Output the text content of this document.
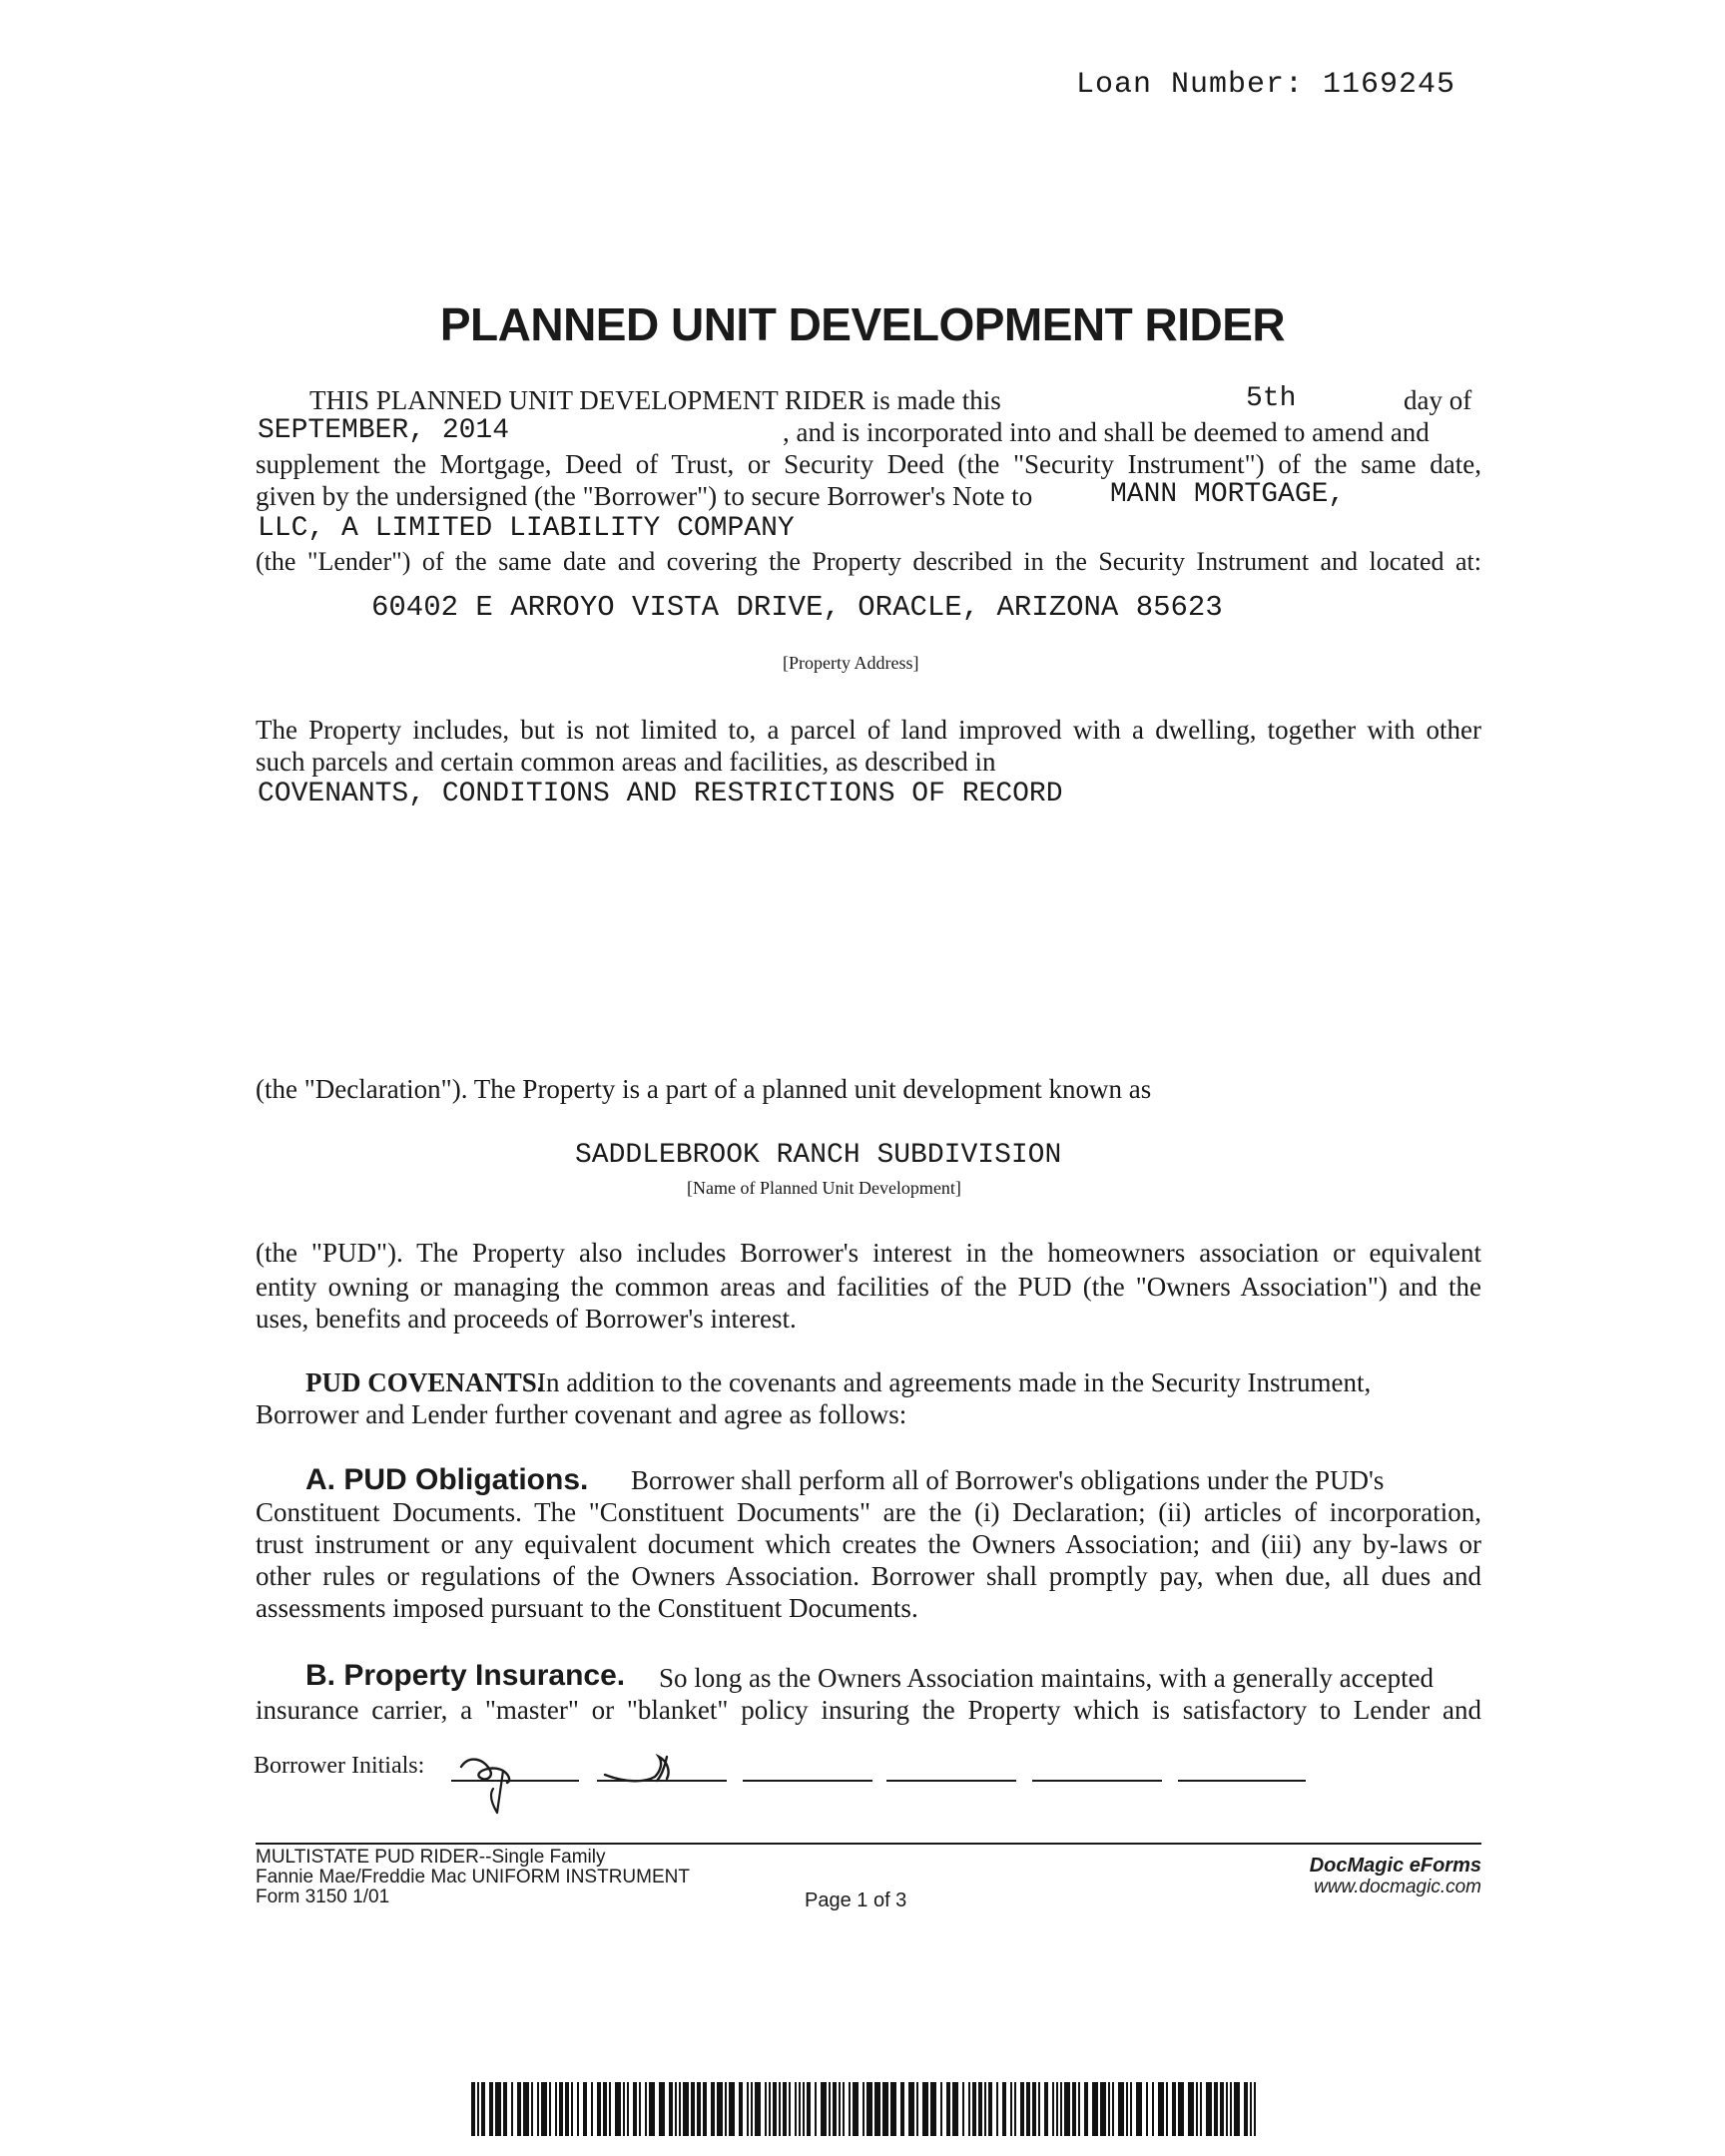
Loan Number: 1169245
PLANNED UNIT DEVELOPMENT RIDER
THIS PLANNED UNIT DEVELOPMENT RIDER is made this	5th	day of
SEPTEMBER, 2014	, and is incorporated into and shall be deemed to amend and
supplement the Mortgage, Deed of Trust, or Security Deed (the "Security Instrument") of the same date,
given by the undersigned (the "Borrower") to secure Borrower's Note to	MANN MORTGAGE,
LLC, A LIMITED LIABILITY COMPANY
(the "Lender") of the same date and covering the Property described in the Security Instrument and located at:
60402 E ARROYO VISTA DRIVE, ORACLE, ARIZONA 85623
[Property Address]
The Property includes, but is not limited to, a parcel of land improved with a dwelling, together with other
such parcels and certain common areas and facilities, as described in
COVENANTS, CONDITIONS AND RESTRICTIONS OF RECORD
(the "Declaration"). The Property is a part of a planned unit development known as
SADDLEBROOK RANCH SUBDIVISION
[Name of Planned Unit Development]
(the "PUD"). The Property also includes Borrower's interest in the homeowners association or equivalent
entity owning or managing the common areas and facilities of the PUD (the "Owners Association") and the
uses, benefits and proceeds of Borrower's interest.
PUD COVENANTS.
In addition to the covenants and agreements made in the Security Instrument,
Borrower and Lender further covenant and agree as follows:
A. PUD Obligations. Borrower shall perform all of Borrower's obligations under the PUD's
Constituent Documents. The "Constituent Documents" are the (i) Declaration; (ii) articles of incorporation,
trust instrument or any equivalent document which creates the Owners Association; and (iii) any by-laws or
other rules or regulations of the Owners Association. Borrower shall promptly pay, when due, all dues and
assessments imposed pursuant to the Constituent Documents.
B. Property Insurance. So long as the Owners Association maintains, with a generally accepted
insurance carrier, a "master" or "blanket" policy insuring the Property which is satisfactory to Lender and
Borrower Initials:
MULTISTATE PUD RIDER--Single Family
Fannie Mae/Freddie Mac UNIFORM INSTRUMENT
Form 3150 1/01	Page 1 of 3
DocMagic eForms
www.docmagic.com
